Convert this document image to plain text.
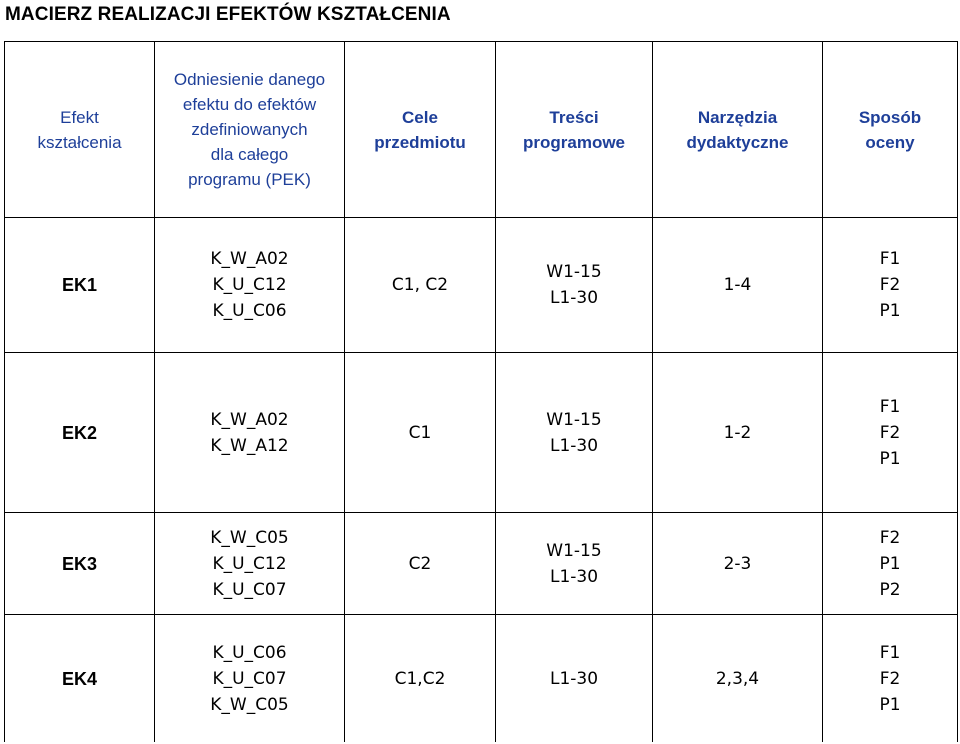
MACIERZ REALIZACJI EFEKTÓW KSZTAŁCENIA
Efekt
kształcenia	Odniesienie danego
efektu do efektów
zdefiniowanych
dla całego
programu (PEK)	Cele
przedmiotu	Treści
programowe	Narzędzia
dydaktyczne	Sposób
oceny

EK1	K_W_A02
K_U_C12
K_U_C06	C1, C2	W1-15
L1-30	1-4	F1
F2
P1

EK2	K_W_A02
K_W_A12	C1	W1-15
L1-30	1-2	F1
F2
P1

EK3	K_W_C05
K_U_C12
K_U_C07	C2	W1-15
L1-30	2-3	F2
P1
P2

EK4	K_U_C06
K_U_C07
K_W_C05	C1,C2	L1-30	2,3,4	F1
F2
P1
